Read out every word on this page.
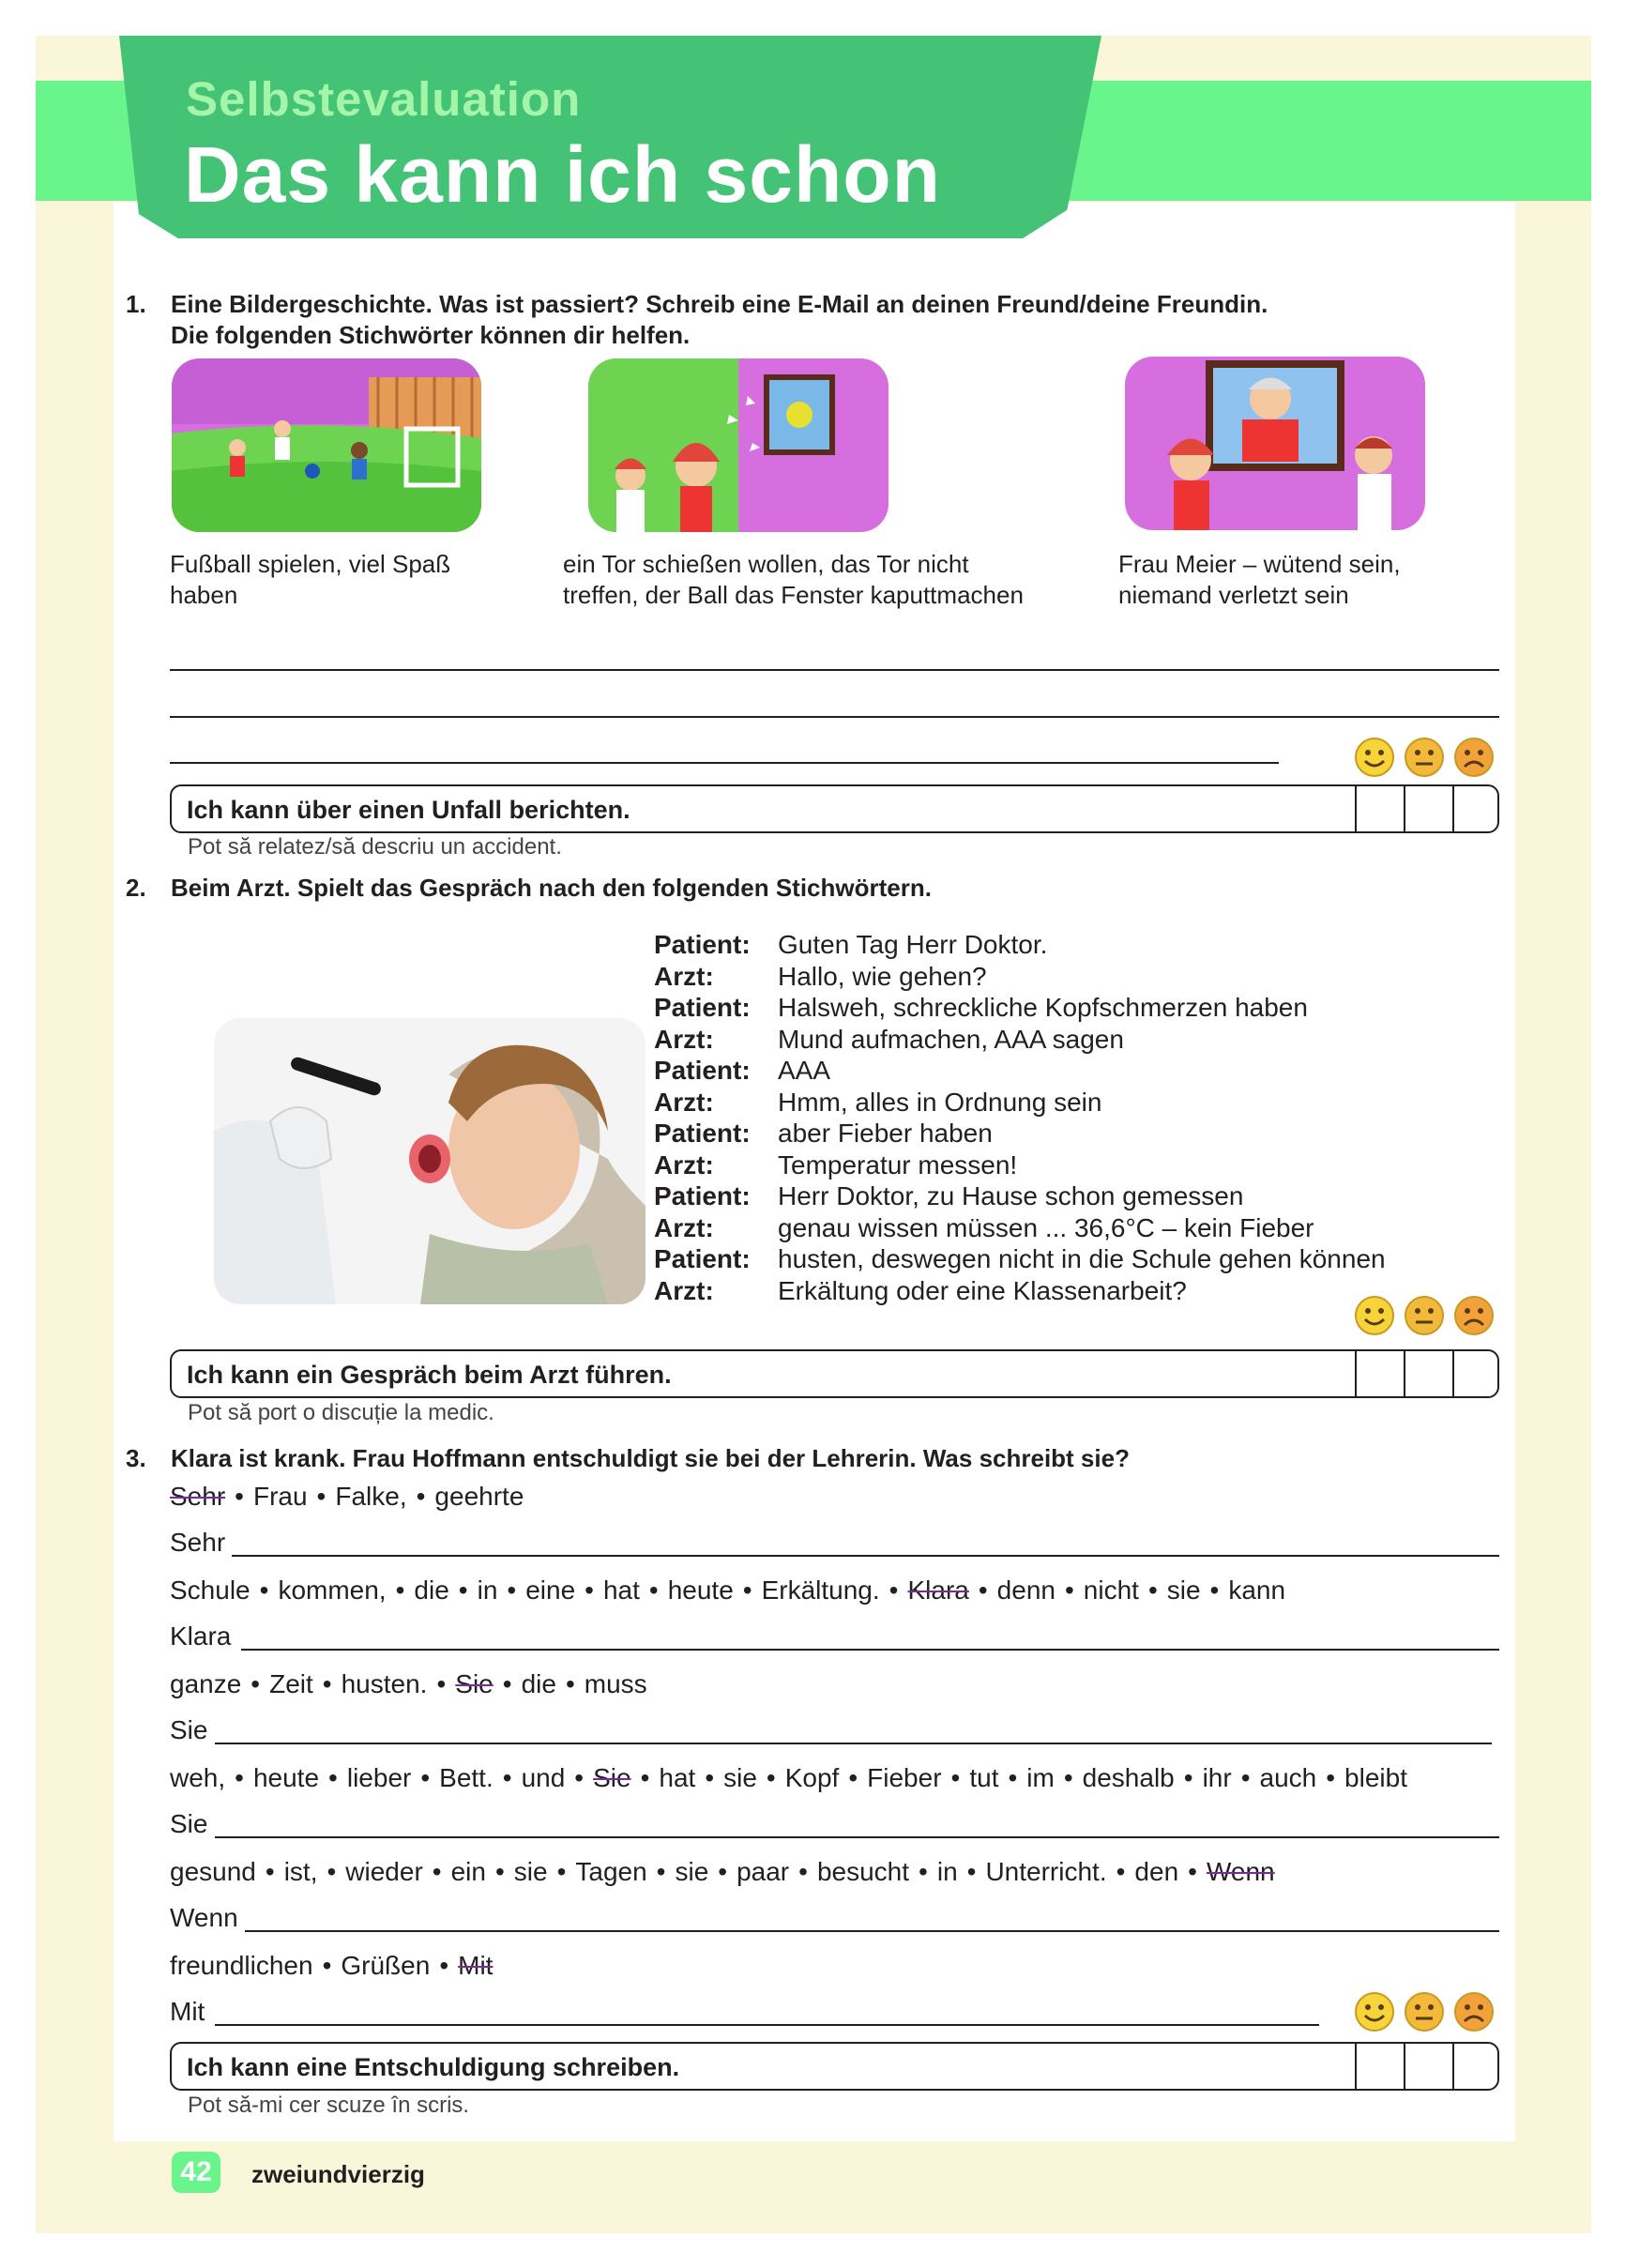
Selbstevaluation
Das kann ich schon
1. Eine Bildergeschichte. Was ist passiert? Schreib eine E-Mail an deinen Freund/deine Freundin.
Die folgenden Stichwörter können dir helfen.
Fußball spielen, viel Spaß
haben
ein Tor schießen wollen, das Tor nicht
treffen, der Ball das Fenster kaputtmachen
Frau Meier – wütend sein,
niemand verletzt sein
Ich kann über einen Unfall berichten.
Pot să relatez/să descriu un accident.
2. Beim Arzt. Spielt das Gespräch nach den folgenden Stichwörtern.
Patient:	Guten Tag Herr Doktor.
Arzt:	Hallo, wie gehen?
Patient:	Halsweh, schreckliche Kopfschmerzen haben
Arzt:	Mund aufmachen, AAA sagen
Patient:	AAA
Arzt:	Hmm, alles in Ordnung sein
Patient:	aber Fieber haben
Arzt:	Temperatur messen!
Patient:	Herr Doktor, zu Hause schon gemessen
Arzt:	genau wissen müssen ... 36,6°C – kein Fieber
Patient:	husten, deswegen nicht in die Schule gehen können
Arzt:	Erkältung oder eine Klassenarbeit?
Ich kann ein Gespräch beim Arzt führen.
Pot să port o discuție la medic.
3. Klara ist krank. Frau Hoffmann entschuldigt sie bei der Lehrerin. Was schreibt sie?
Sehr • Frau • Falke, • geehrte
Sehr
Schule • kommen, • die • in • eine • hat • heute • Erkältung. • Klara • denn • nicht • sie • kann
Klara
ganze • Zeit • husten. • Sie • die • muss
Sie
weh, • heute • lieber • Bett. • und • Sie • hat • sie • Kopf • Fieber • tut • im • deshalb • ihr • auch • bleibt
Sie
gesund • ist, • wieder • ein • sie • Tagen • sie • paar • besucht • in • Unterricht. • den • Wenn
Wenn
freundlichen • Grüßen • Mit
Mit
Ich kann eine Entschuldigung schreiben.
Pot să-mi cer scuze în scris.
42	zweiundvierzig
